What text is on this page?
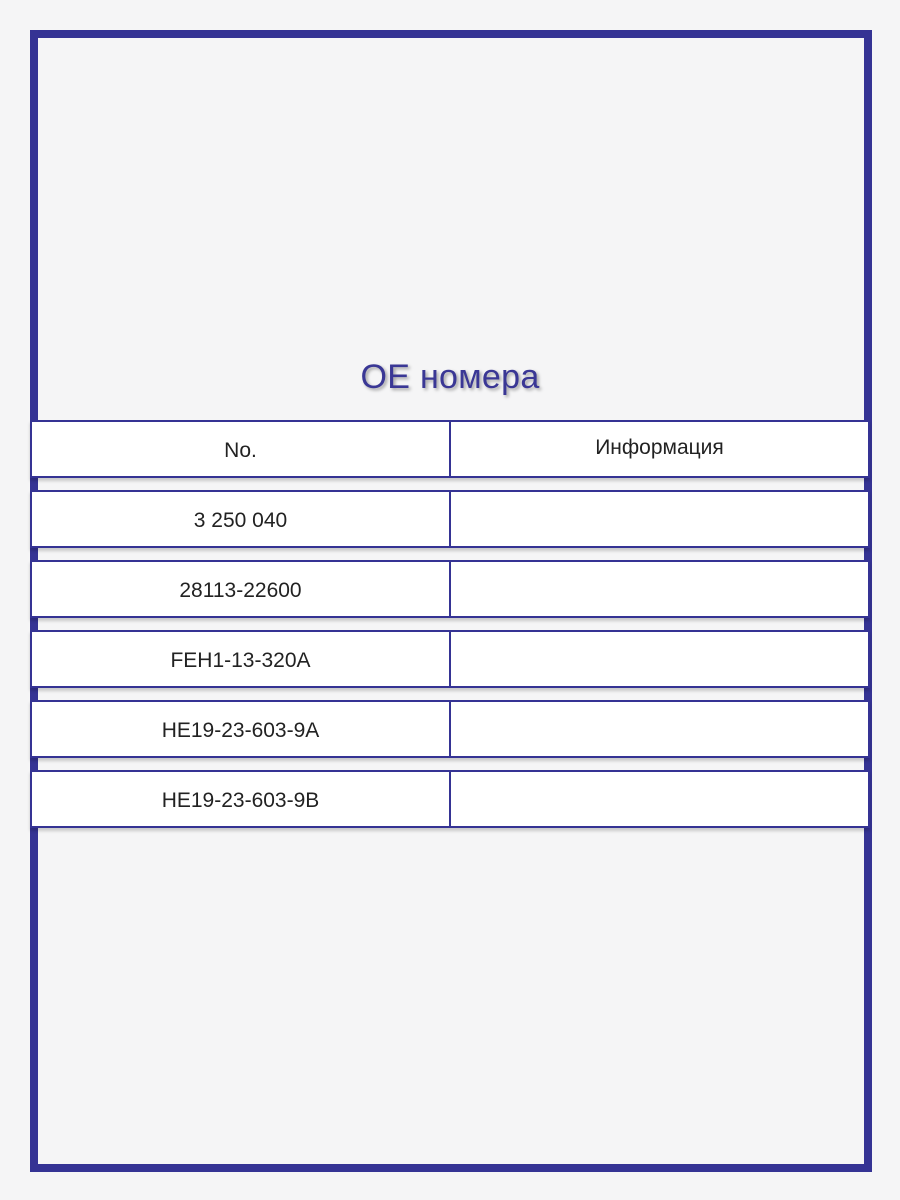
OE номера
No.	Информация
3 250 040
28113-22600
FEH1-13-320A
HE19-23-603-9A
HE19-23-603-9B
